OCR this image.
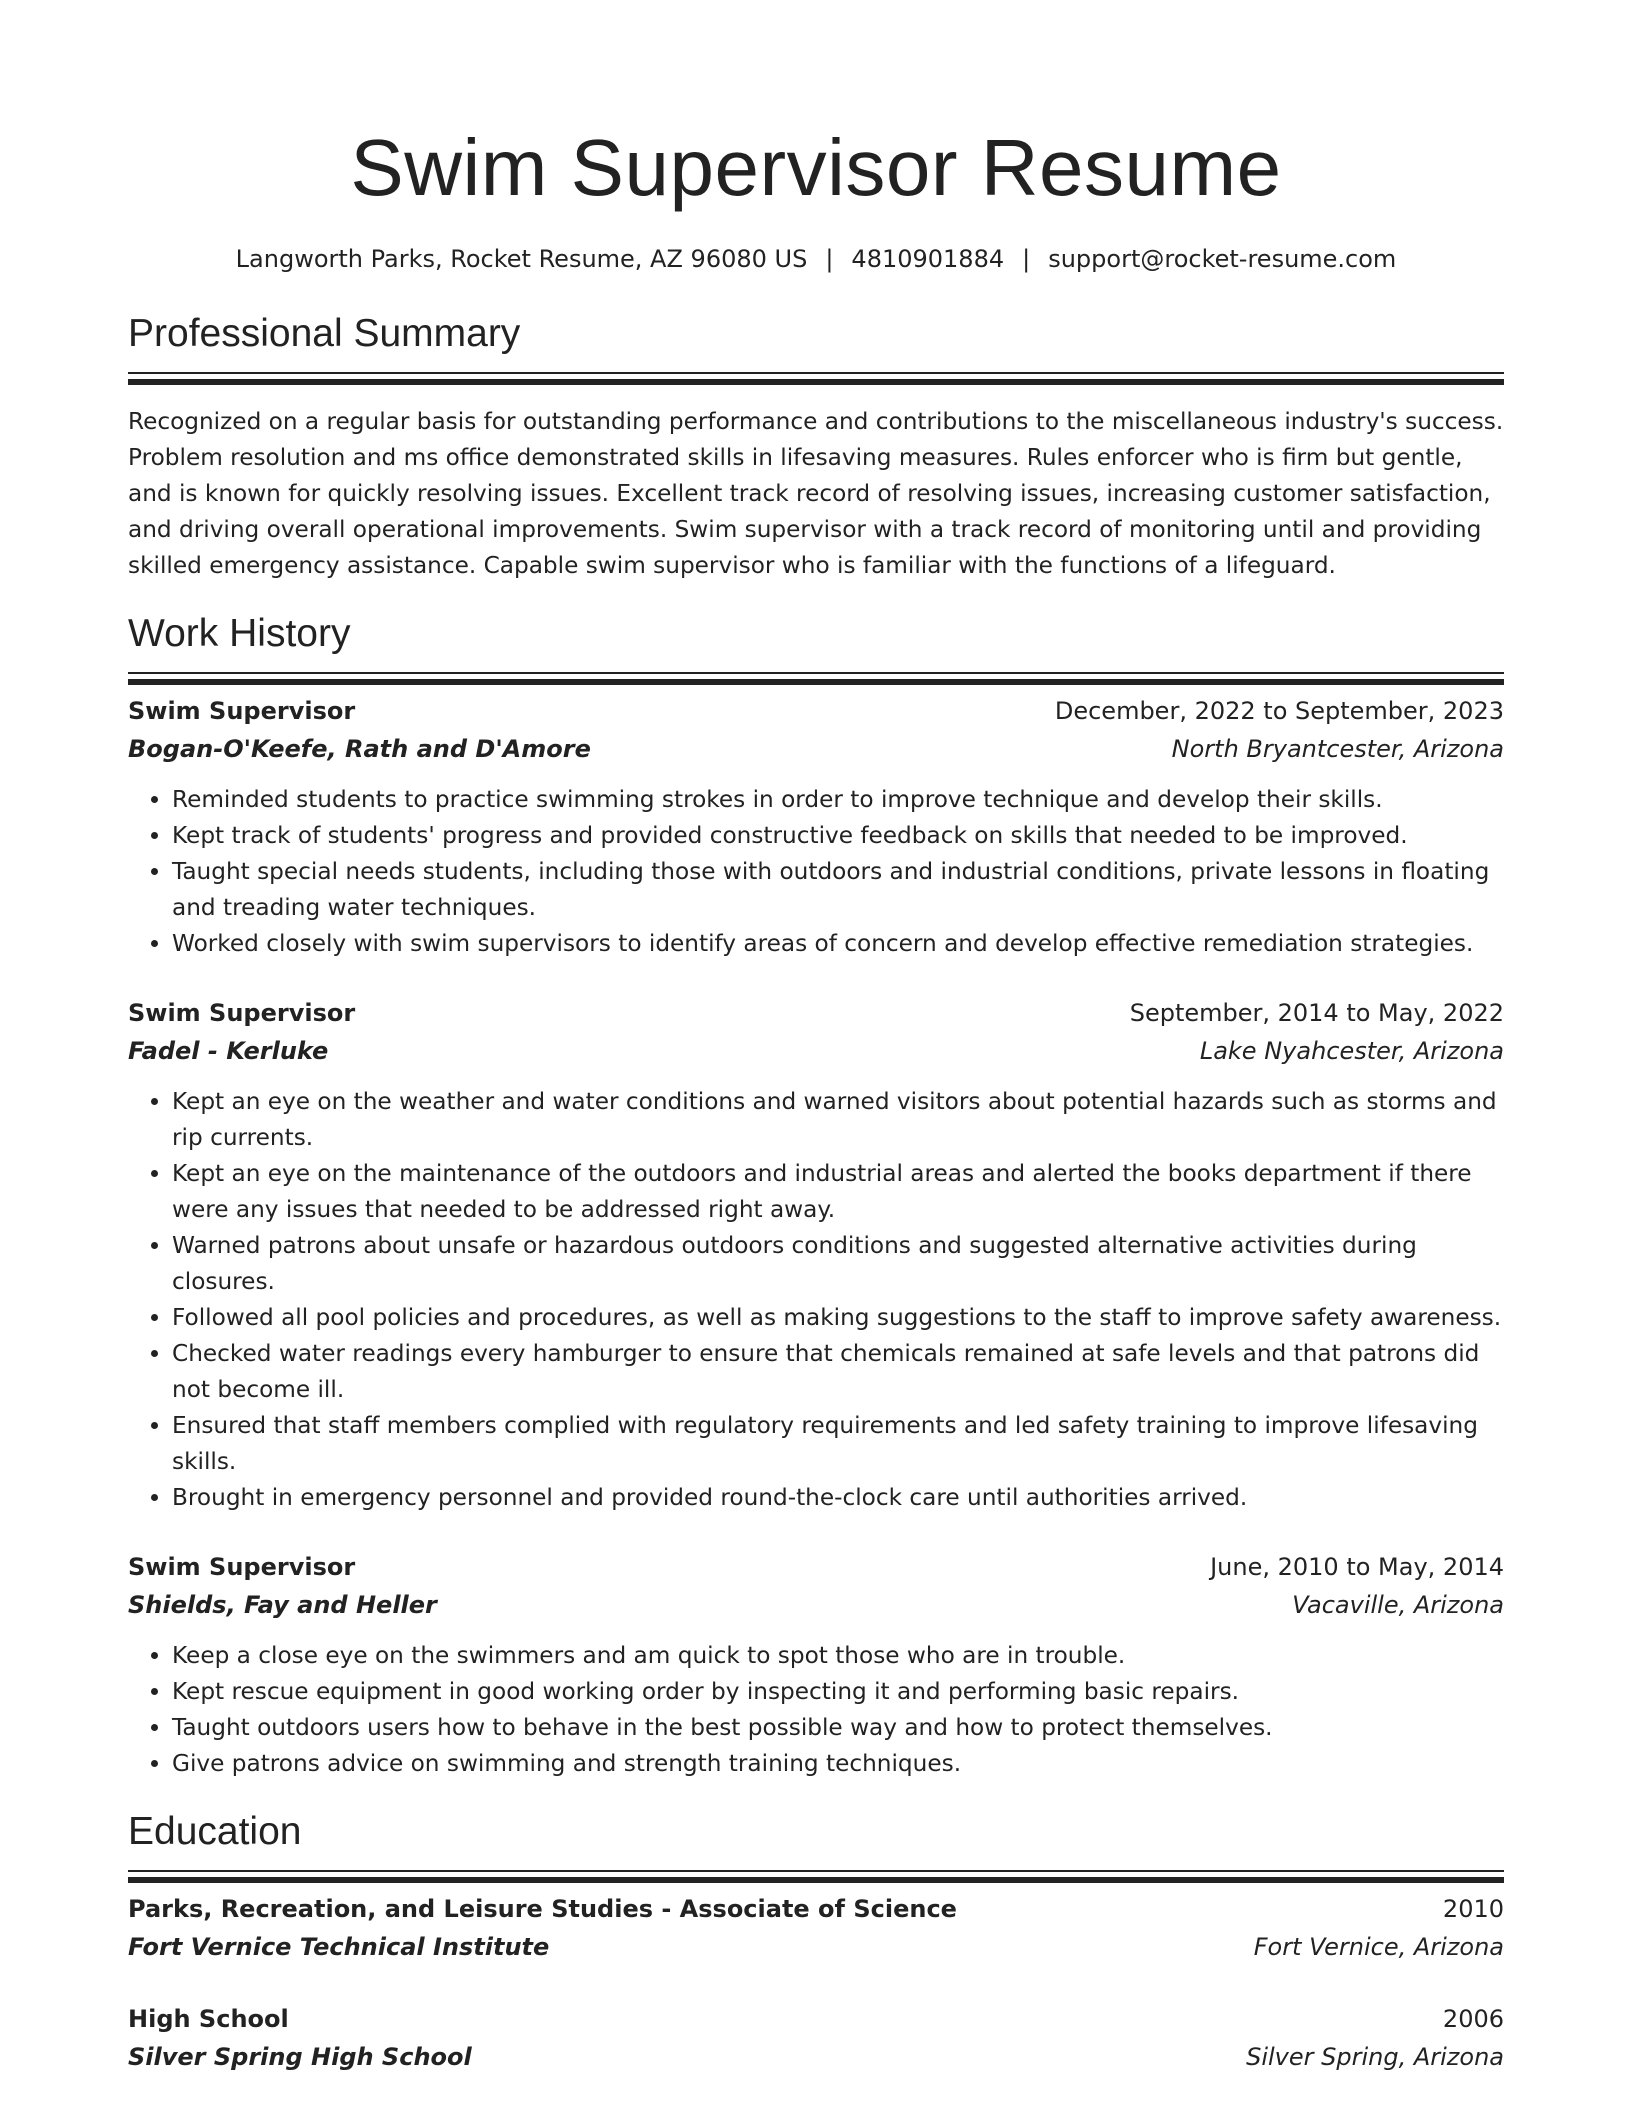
Swim Supervisor Resume
Langworth Parks, Rocket Resume, AZ 96080 US | 4810901884 | support@rocket-resume.com
Professional Summary

Recognized on a regular basis for outstanding performance and contributions to the miscellaneous industry's success. Problem resolution and ms office demonstrated skills in lifesaving measures. Rules enforcer who is firm but gentle, and is known for quickly resolving issues. Excellent track record of resolving issues, increasing customer satisfaction, and driving overall operational improvements. Swim supervisor with a track record of monitoring until and providing skilled emergency assistance. Capable swim supervisor who is familiar with the functions of a lifeguard.

Work History
Swim Supervisor	December, 2022 to September, 2023
Bogan-O'Keefe, Rath and D'Amore	North Bryantcester, Arizona
• Reminded students to practice swimming strokes in order to improve technique and develop their skills.
• Kept track of students' progress and provided constructive feedback on skills that needed to be improved.
• Taught special needs students, including those with outdoors and industrial conditions, private lessons in floating and treading water techniques.
• Worked closely with swim supervisors to identify areas of concern and develop effective remediation strategies.
Swim Supervisor	September, 2014 to May, 2022
Fadel - Kerluke	Lake Nyahcester, Arizona
• Kept an eye on the weather and water conditions and warned visitors about potential hazards such as storms and rip currents.
• Kept an eye on the maintenance of the outdoors and industrial areas and alerted the books department if there were any issues that needed to be addressed right away.
• Warned patrons about unsafe or hazardous outdoors conditions and suggested alternative activities during closures.
• Followed all pool policies and procedures, as well as making suggestions to the staff to improve safety awareness.
• Checked water readings every hamburger to ensure that chemicals remained at safe levels and that patrons did not become ill.
• Ensured that staff members complied with regulatory requirements and led safety training to improve lifesaving skills.
• Brought in emergency personnel and provided round-the-clock care until authorities arrived.
Swim Supervisor	June, 2010 to May, 2014
Shields, Fay and Heller	Vacaville, Arizona
• Keep a close eye on the swimmers and am quick to spot those who are in trouble.
• Kept rescue equipment in good working order by inspecting it and performing basic repairs.
• Taught outdoors users how to behave in the best possible way and how to protect themselves.
• Give patrons advice on swimming and strength training techniques.
Education
Parks, Recreation, and Leisure Studies - Associate of Science	2010
Fort Vernice Technical Institute	Fort Vernice, Arizona
High School	2006
Silver Spring High School	Silver Spring, Arizona
